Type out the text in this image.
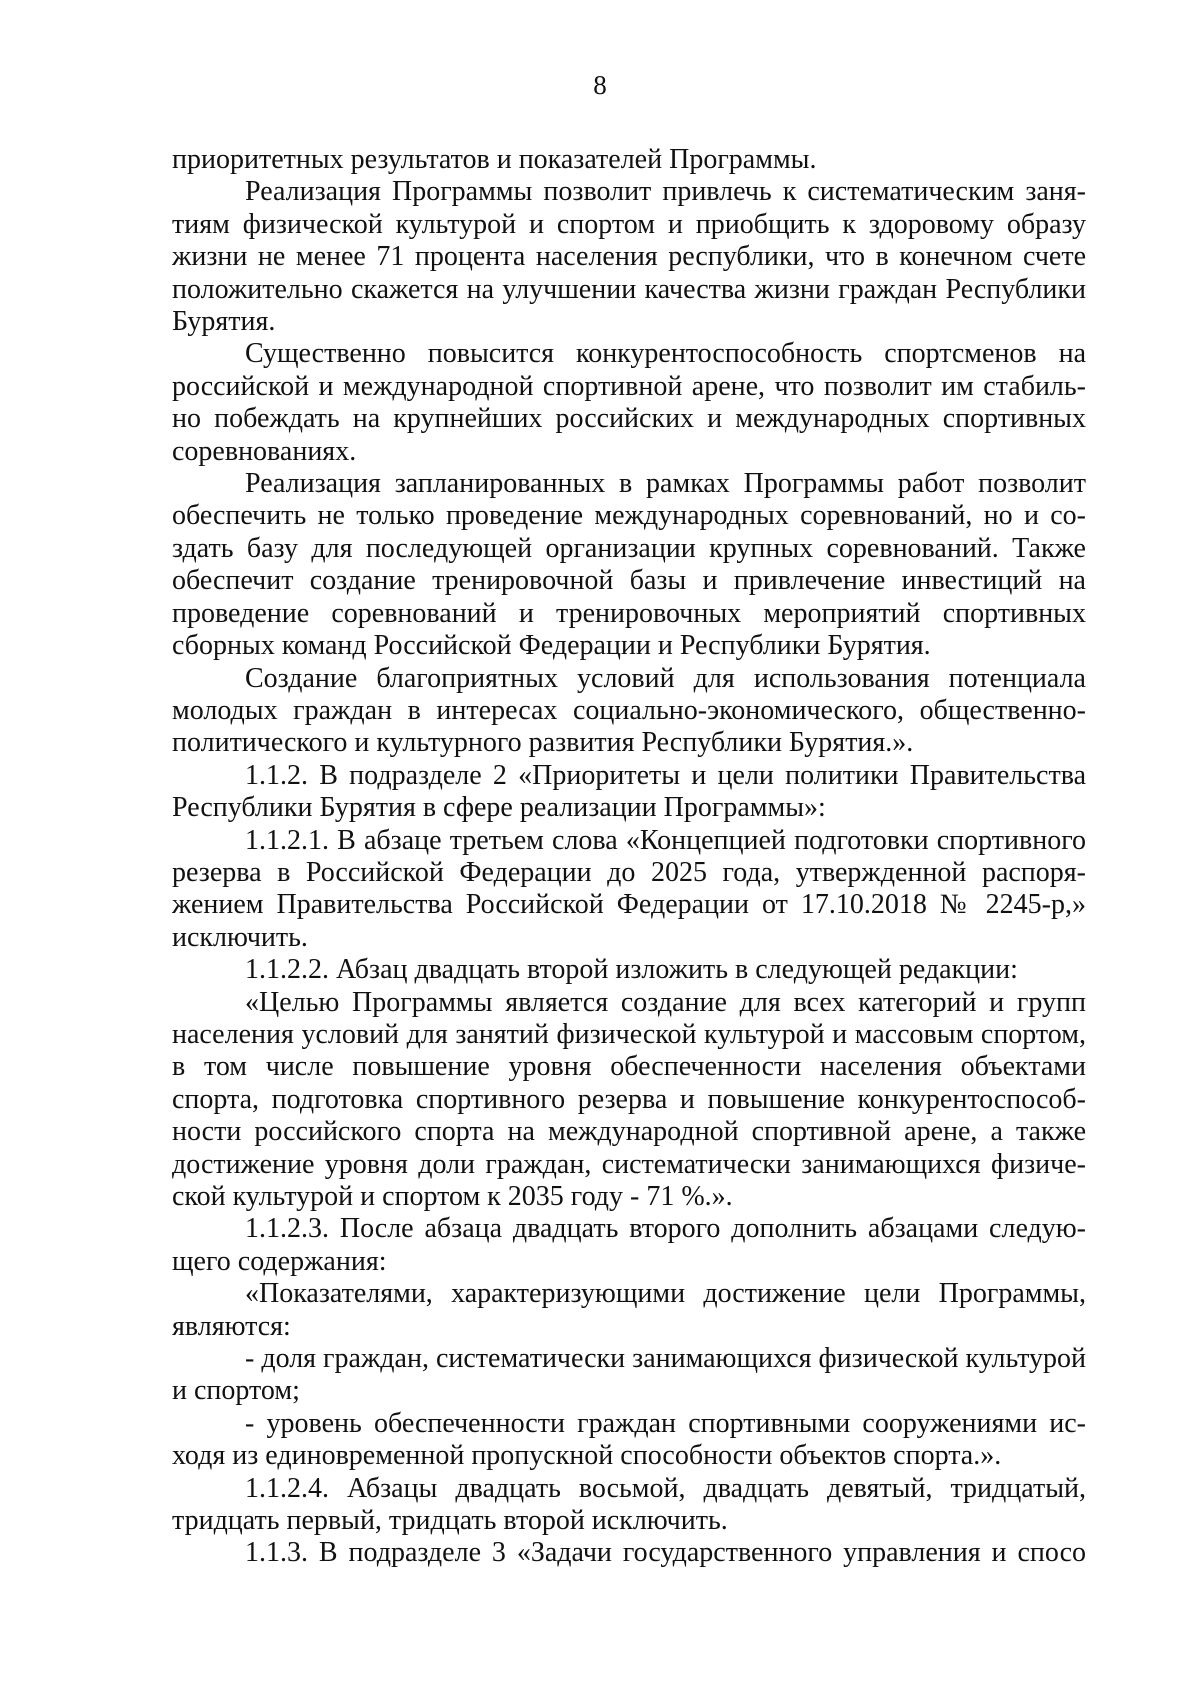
8

приоритетных результатов и показателей Программы.

Реализация Программы позволит привлечь к систематическим занятиям физической культурой и спортом и приобщить к здоровому образу жизни не менее 71 процента населения республики, что в конечном счете положительно скажется на улучшении качества жизни граждан Республики Бурятия.

Существенно повысится конкурентоспособность спортсменов на российской и международной спортивной арене, что позволит им стабильно побеждать на крупнейших российских и международных спортивных соревнованиях.

Реализация запланированных в рамках Программы работ позволит обеспечить не только проведение международных соревнований, но и создать базу для последующей организации крупных соревнований. Также обеспечит создание тренировочной базы и привлечение инвестиций на проведение соревнований и тренировочных мероприятий спортивных сборных команд Российской Федерации и Республики Бурятия.

Создание благоприятных условий для использования потенциала молодых граждан в интересах социально-экономического, общественно-политического и культурного развития Республики Бурятия.».

1.1.2. В подразделе 2 «Приоритеты и цели политики Правительства Республики Бурятия в сфере реализации Программы»:

1.1.2.1. В абзаце третьем слова «Концепцией подготовки спортивного резерва в Российской Федерации до 2025 года, утвержденной распоряжением Правительства Российской Федерации от 17.10.2018 № 2245-р,» исключить.

1.1.2.2. Абзац двадцать второй изложить в следующей редакции:

«Целью Программы является создание для всех категорий и групп населения условий для занятий физической культурой и массовым спортом, в том числе повышение уровня обеспеченности населения объектами спорта, подготовка спортивного резерва и повышение конкурентоспособности российского спорта на международной спортивной арене, а также достижение уровня доли граждан, систематически занимающихся физической культурой и спортом к 2035 году - 71 %.».

1.1.2.3. После абзаца двадцать второго дополнить абзацами следующего содержания:

«Показателями, характеризующими достижение цели Программы, являются:

- доля граждан, систематически занимающихся физической культурой и спортом;

- уровень обеспеченности граждан спортивными сооружениями исходя из единовременной пропускной способности объектов спорта.».

1.1.2.4. Абзацы двадцать восьмой, двадцать девятый, тридцатый, тридцать первый, тридцать второй исключить.

1.1.3. В подразделе 3 «Задачи государственного управления и спосо
